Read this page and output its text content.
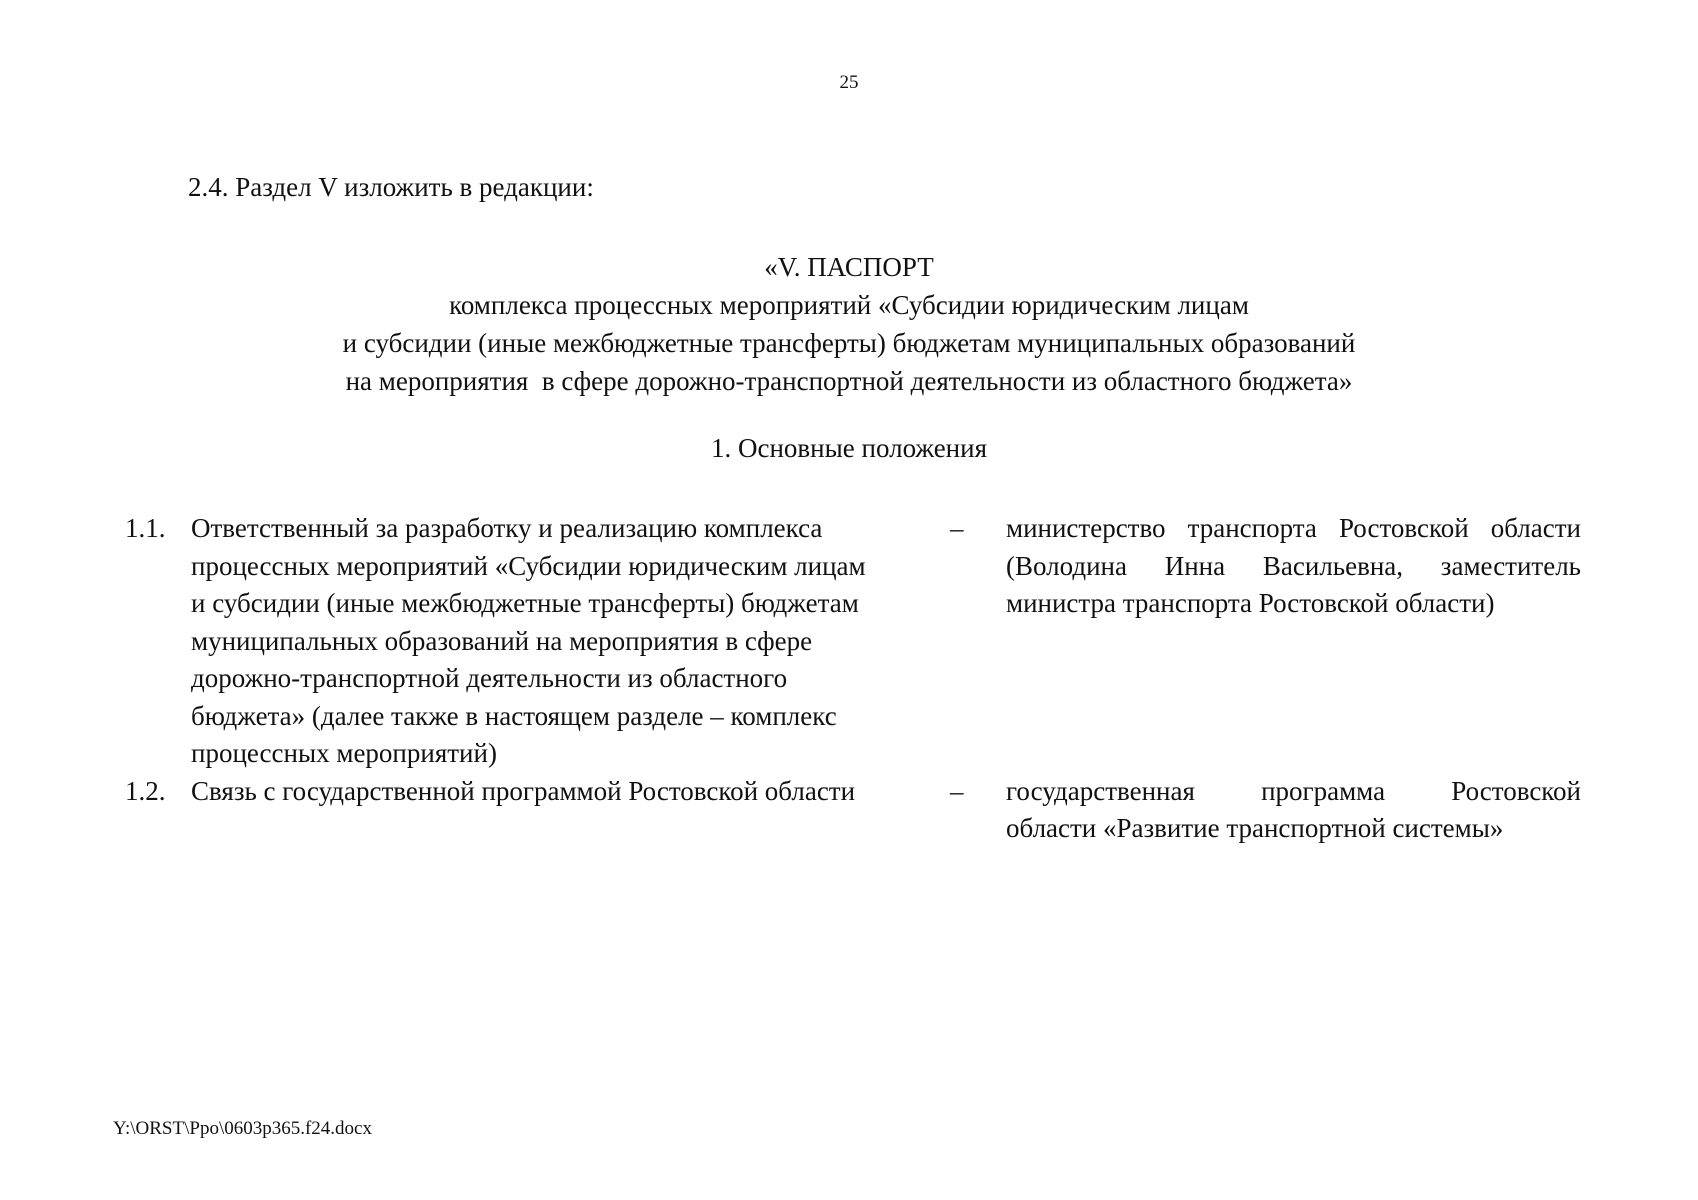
25
2.4. Раздел V изложить в редакции:
«V. ПАСПОРТ
комплекса процессных мероприятий «Субсидии юридическим лицам
и субсидии (иные межбюджетные трансферты) бюджетам муниципальных образований
на мероприятия  в сфере дорожно-транспортной деятельности из областного бюджета»
1. Основные положения
1.1. Ответственный за разработку и реализацию комплекса
процессных мероприятий «Субсидии юридическим лицам
и субсидии (иные межбюджетные трансферты) бюджетам
муниципальных образований на мероприятия в сфере
дорожно-транспортной деятельности из областного
бюджета» (далее также в настоящем разделе – комплекс
процессных мероприятий)
– министерство транспорта Ростовской области
(Володина Инна Васильевна, заместитель
министра транспорта Ростовской области)
1.2. Связь с государственной программой Ростовской области
	– государственная программа Ростовской
области «Развитие транспортной системы»
Y:\ORST\Ppo\0603p365.f24.docx
